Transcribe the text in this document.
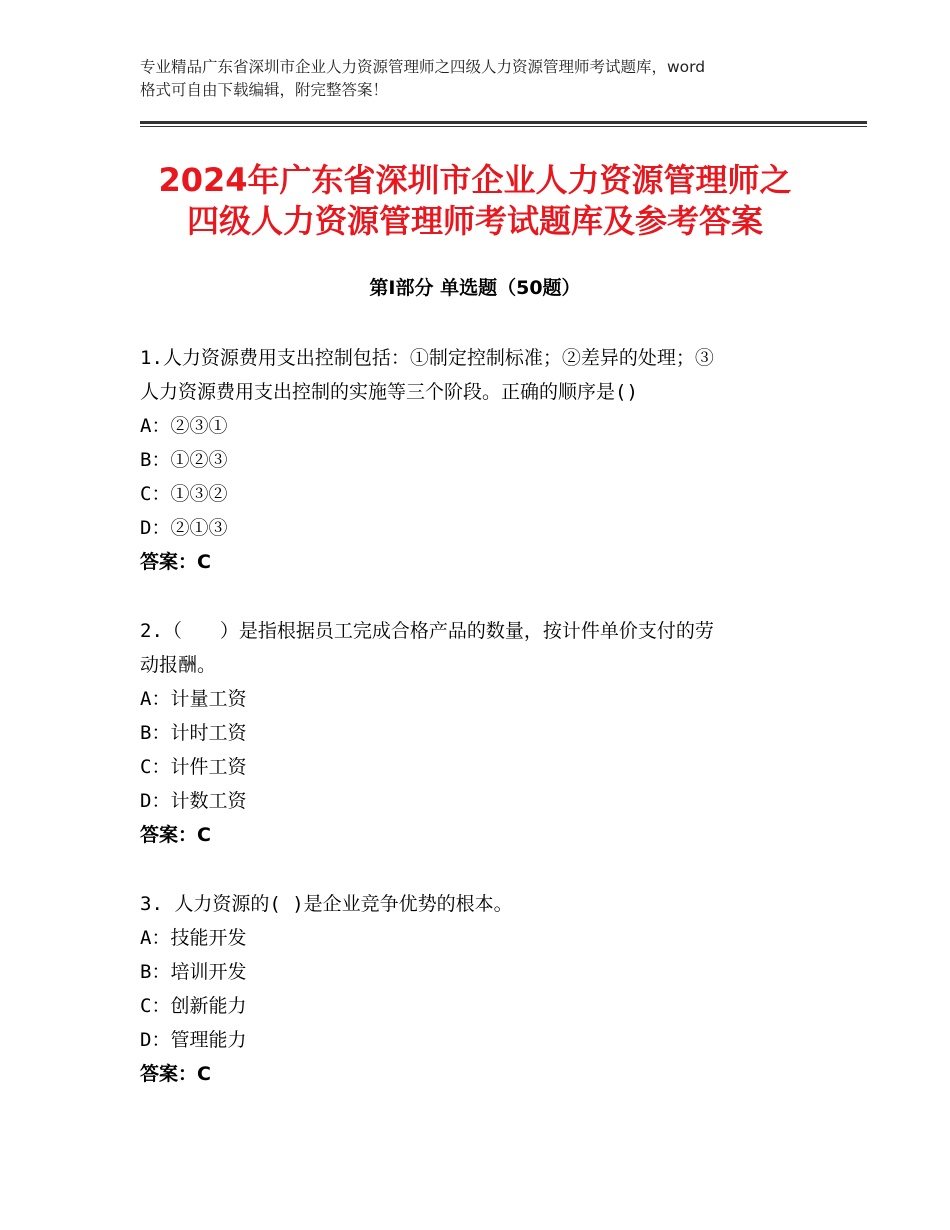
专业精品广东省深圳市企业人力资源管理师之四级人力资源管理师考试题库，word
格式可自由下载编辑，附完整答案！
2024年广东省深圳市企业人力资源管理师之
四级人力资源管理师考试题库及参考答案
第Ⅰ部分 单选题（50题）
1.人力资源费用支出控制包括：①制定控制标准；②差异的处理；③
人力资源费用支出控制的实施等三个阶段。正确的顺序是()
A：②③①
B：①②③
C：①③②
D：②①③
答案：C
2.（　　）是指根据员工完成合格产品的数量，按计件单价支付的劳
动报酬。
A：计量工资
B：计时工资
C：计件工资
D：计数工资
答案：C
3. 人力资源的( )是企业竞争优势的根本。
A：技能开发
B：培训开发
C：创新能力
D：管理能力
答案：C
